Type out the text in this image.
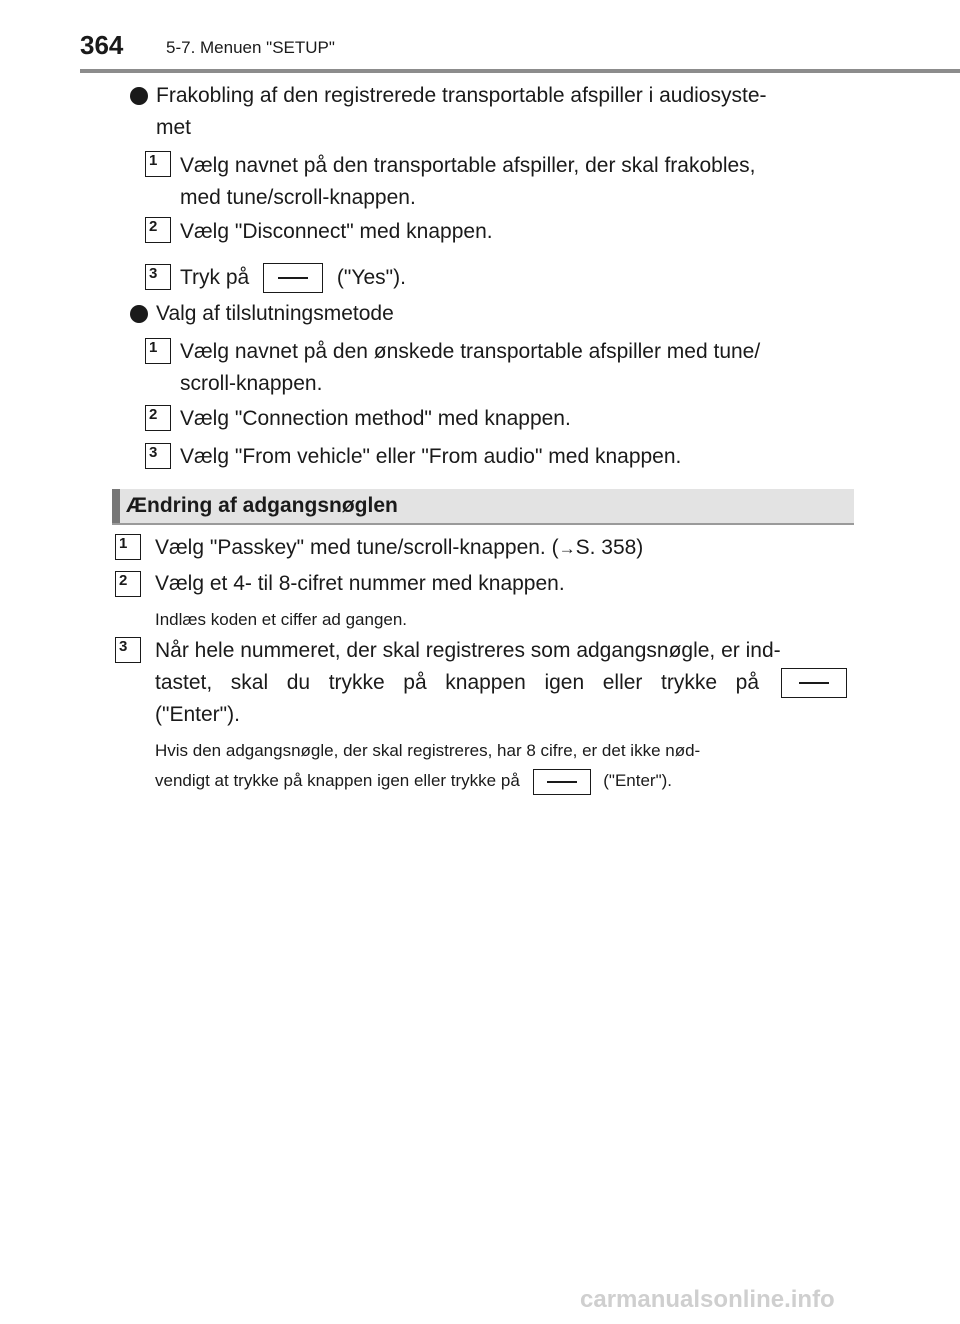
364	5-7. Menuen "SETUP"
Frakobling af den registrerede transportable afspiller i audiosyste-
met
1 Vælg navnet på den transportable afspiller, der skal frakobles,
med tune/scroll-knappen.
2 Vælg "Disconnect" med knappen.
3 Tryk på	("Yes").
Valg af tilslutningsmetode
1 Vælg navnet på den ønskede transportable afspiller med tune/
scroll-knappen.
2 Vælg "Connection method" med knappen.
3 Vælg "From vehicle" eller "From audio" med knappen.
Ændring af adgangsnøglen
1 Vælg "Passkey" med tune/scroll-knappen. (→S. 358)
2 Vælg et 4- til 8-cifret nummer med knappen.
Indlæs koden et ciffer ad gangen.
3 Når hele nummeret, der skal registreres som adgangsnøgle, er ind-
tastet, skal du trykke på knappen igen eller trykke på
("Enter").
Hvis den adgangsnøgle, der skal registreres, har 8 cifre, er det ikke nød-
vendigt at trykke på knappen igen eller trykke på	("Enter").
carmanualsonline.info
